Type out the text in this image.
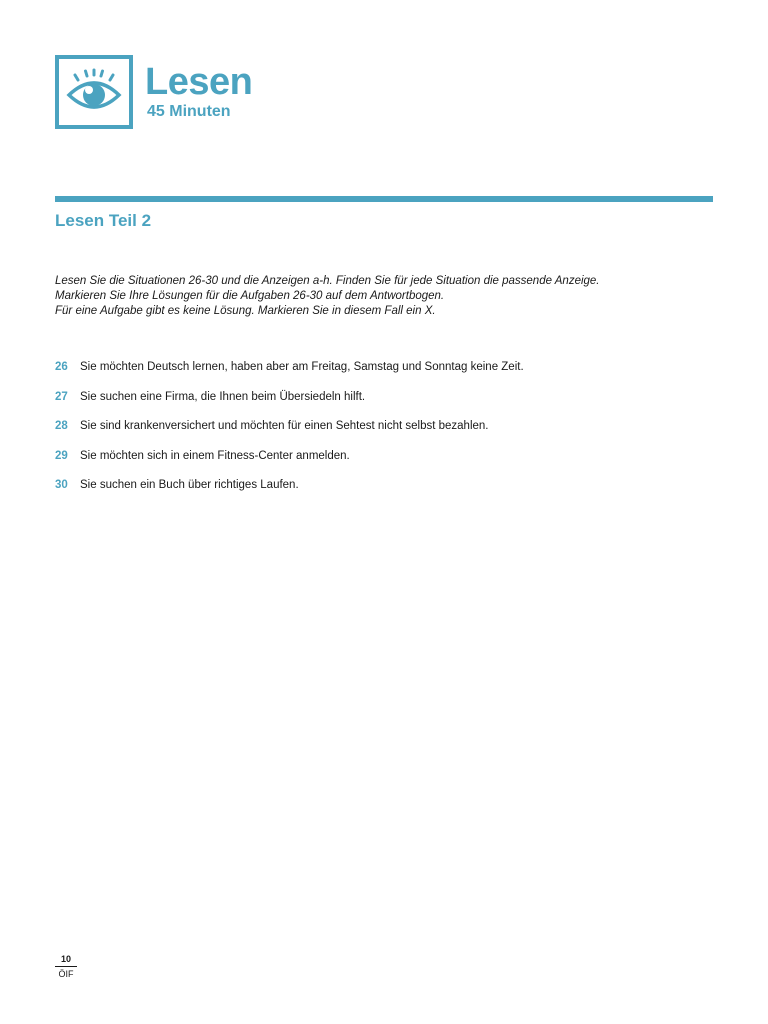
Lesen
45 Minuten
Lesen Teil 2
Lesen Sie die Situationen 26-30 und die Anzeigen a-h. Finden Sie für jede Situation die passende Anzeige.
Markieren Sie Ihre Lösungen für die Aufgaben 26-30 auf dem Antwortbogen.
Für eine Aufgabe gibt es keine Lösung. Markieren Sie in diesem Fall ein X.
26	Sie möchten Deutsch lernen, haben aber am Freitag, Samstag und Sonntag keine Zeit.
27	Sie suchen eine Firma, die Ihnen beim Übersiedeln hilft.
28	Sie sind krankenversichert und möchten für einen Sehtest nicht selbst bezahlen.
29	Sie möchten sich in einem Fitness-Center anmelden.
30	Sie suchen ein Buch über richtiges Laufen.
10
ÖIF
